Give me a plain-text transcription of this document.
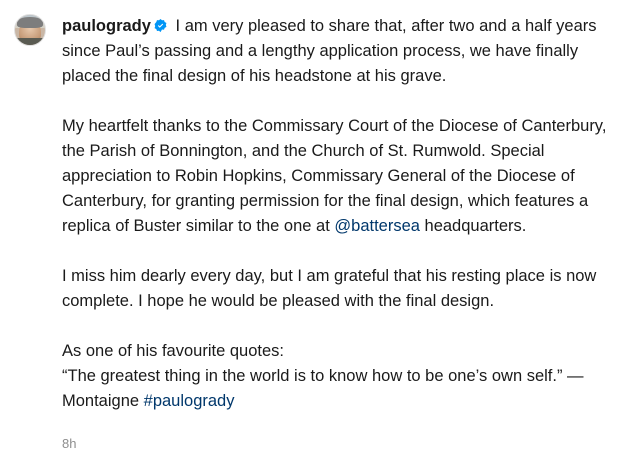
paulogrady I am very pleased to share that, after two and a half years since Paul’s passing and a lengthy application process, we have finally placed the final design of his headstone at his grave.

My heartfelt thanks to the Commissary Court of the Diocese of Canterbury, the Parish of Bonnington, and the Church of St. Rumwold. Special appreciation to Robin Hopkins, Commissary General of the Diocese of Canterbury, for granting permission for the final design, which features a replica of Buster similar to the one at @battersea headquarters.

I miss him dearly every day, but I am grateful that his resting place is now complete. I hope he would be pleased with the final design.

As one of his favourite quotes:
“The greatest thing in the world is to know how to be one’s own self.” — Montaigne #paulogrady

8h
